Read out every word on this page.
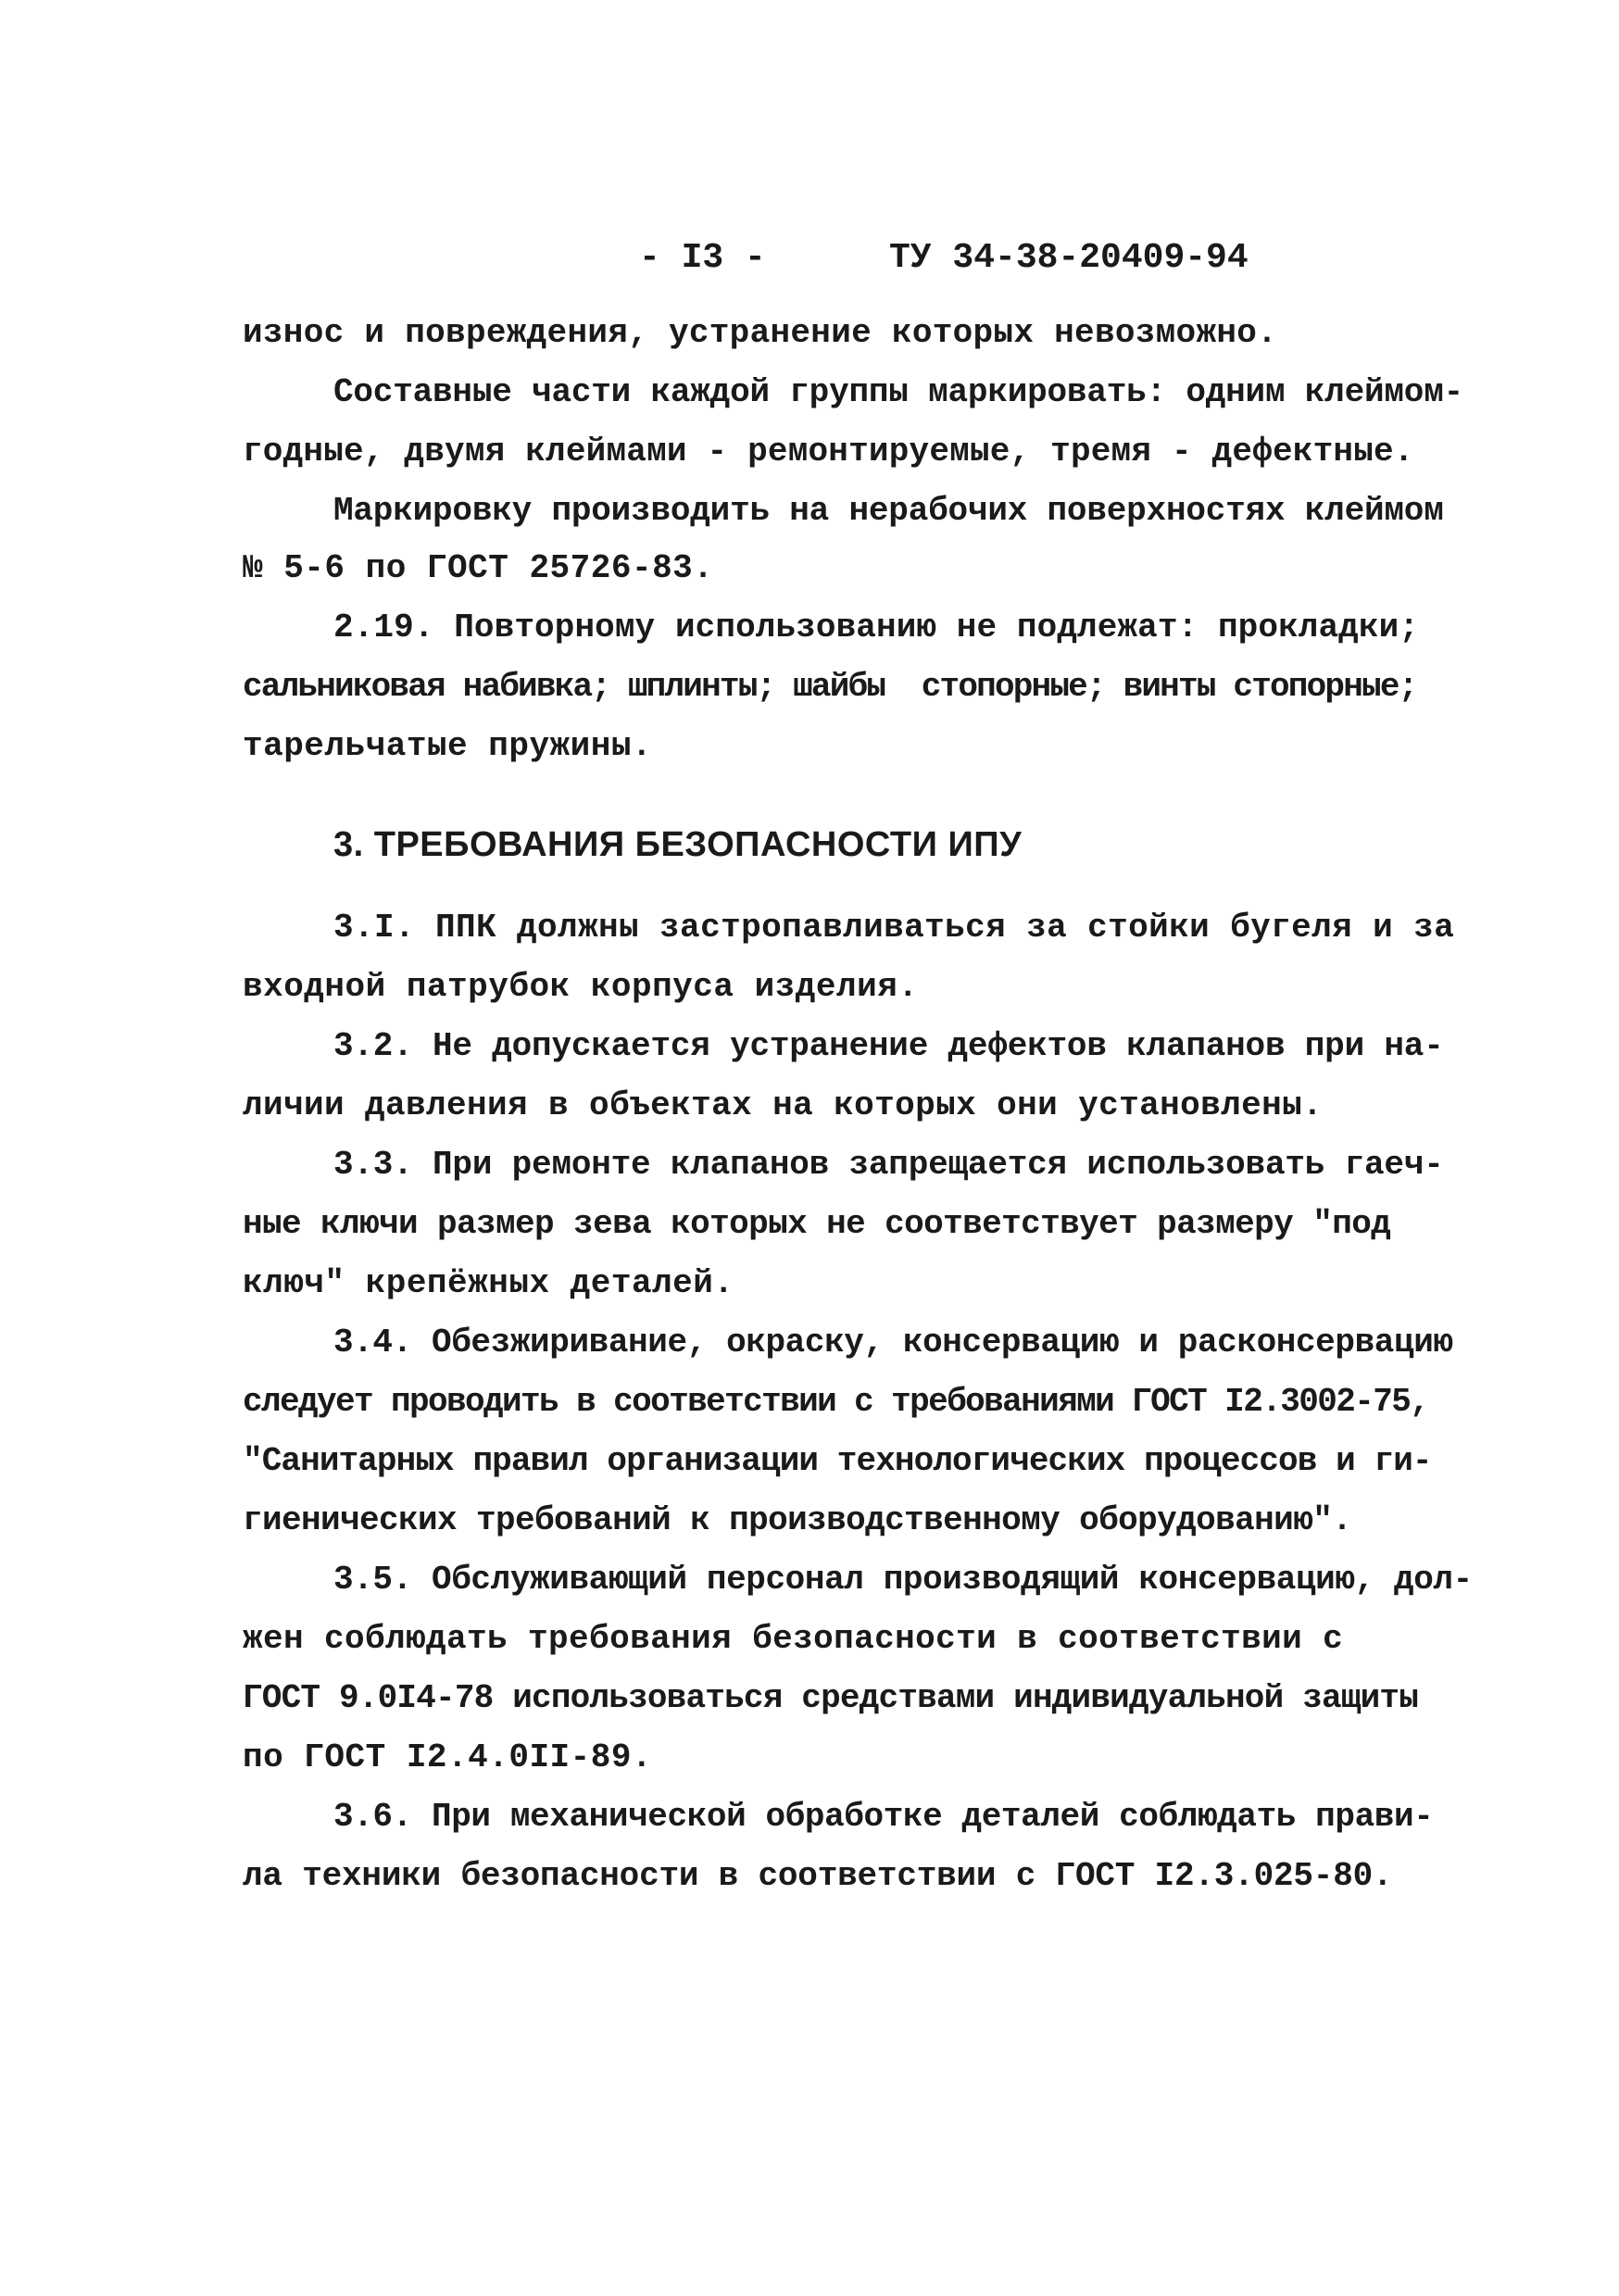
- I3 -	ТУ 34-38-20409-94
износ и повреждения, устранение которых невозможно.
Составные части каждой группы маркировать: одним клеймом-
годные, двумя клеймами - ремонтируемые, тремя - дефектные.
Маркировку производить на нерабочих поверхностях клеймом
№ 5-6 по ГОСТ 25726-83.
2.19. Повторному использованию не подлежат: прокладки;
сальниковая набивка; шплинты; шайбы  стопорные; винты стопорные;
тарельчатые пружины.
3. ТРЕБОВАНИЯ БЕЗОПАСНОСТИ ИПУ
3.I. ППК должны застропавливаться за стойки бугеля и за
входной патрубок корпуса изделия.
3.2. Не допускается устранение дефектов клапанов при на-
личии давления в объектах на которых они установлены.
3.3. При ремонте клапанов запрещается использовать гаеч-
ные ключи размер зева которых не соответствует размеру "под
ключ" крепёжных деталей.
3.4. Обезжиривание, окраску, консервацию и расконсервацию
следует проводить в соответствии с требованиями ГОСТ I2.3002-75,
"Санитарных правил организации технологических процессов и ги-
гиенических требований к производственному оборудованию".
3.5. Обслуживающий персонал производящий консервацию, дол-
жен соблюдать требования безопасности в соответствии с
ГОСТ 9.0I4-78 использоваться средствами индивидуальной защиты
по ГОСТ I2.4.0II-89.
3.6. При механической обработке деталей соблюдать прави-
ла техники безопасности в соответствии с ГОСТ I2.3.025-80.
